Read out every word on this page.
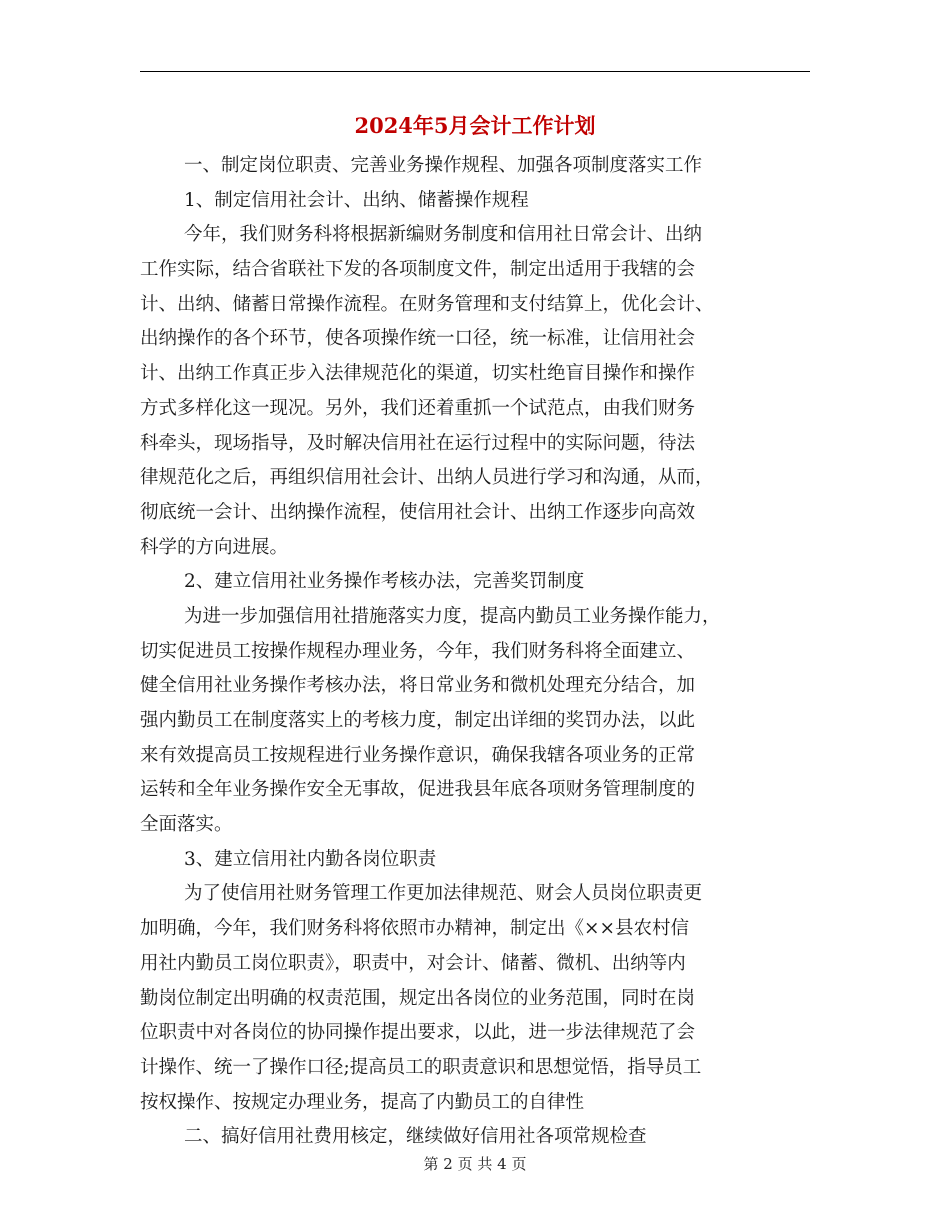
2024年5月会计工作计划
一、制定岗位职责、完善业务操作规程、加强各项制度落实工作
1、制定信用社会计、出纳、储蓄操作规程
今年，我们财务科将根据新编财务制度和信用社日常会计、出纳
工作实际，结合省联社下发的各项制度文件，制定出适用于我辖的会
计、出纳、储蓄日常操作流程。在财务管理和支付结算上，优化会计、
出纳操作的各个环节，使各项操作统一口径，统一标准，让信用社会
计、出纳工作真正步入法律规范化的渠道，切实杜绝盲目操作和操作
方式多样化这一现况。另外，我们还着重抓一个试范点，由我们财务
科牵头，现场指导，及时解决信用社在运行过程中的实际问题，待法
律规范化之后，再组织信用社会计、出纳人员进行学习和沟通，从而，
彻底统一会计、出纳操作流程，使信用社会计、出纳工作逐步向高效
科学的方向进展。
2、建立信用社业务操作考核办法，完善奖罚制度
为进一步加强信用社措施落实力度，提高内勤员工业务操作能力，
切实促进员工按操作规程办理业务，今年，我们财务科将全面建立、
健全信用社业务操作考核办法，将日常业务和微机处理充分结合，加
强内勤员工在制度落实上的考核力度，制定出详细的奖罚办法，以此
来有效提高员工按规程进行业务操作意识，确保我辖各项业务的正常
运转和全年业务操作安全无事故，促进我县年底各项财务管理制度的
全面落实。
3、建立信用社内勤各岗位职责
为了使信用社财务管理工作更加法律规范、财会人员岗位职责更
加明确，今年，我们财务科将依照市办精神，制定出《××县农村信
用社内勤员工岗位职责》，职责中，对会计、储蓄、微机、出纳等内
勤岗位制定出明确的权责范围，规定出各岗位的业务范围，同时在岗
位职责中对各岗位的协同操作提出要求，以此，进一步法律规范了会
计操作、统一了操作口径;提高员工的职责意识和思想觉悟，指导员工
按权操作、按规定办理业务，提高了内勤员工的自律性
二、搞好信用社费用核定，继续做好信用社各项常规检查
第 2 页 共 4 页
